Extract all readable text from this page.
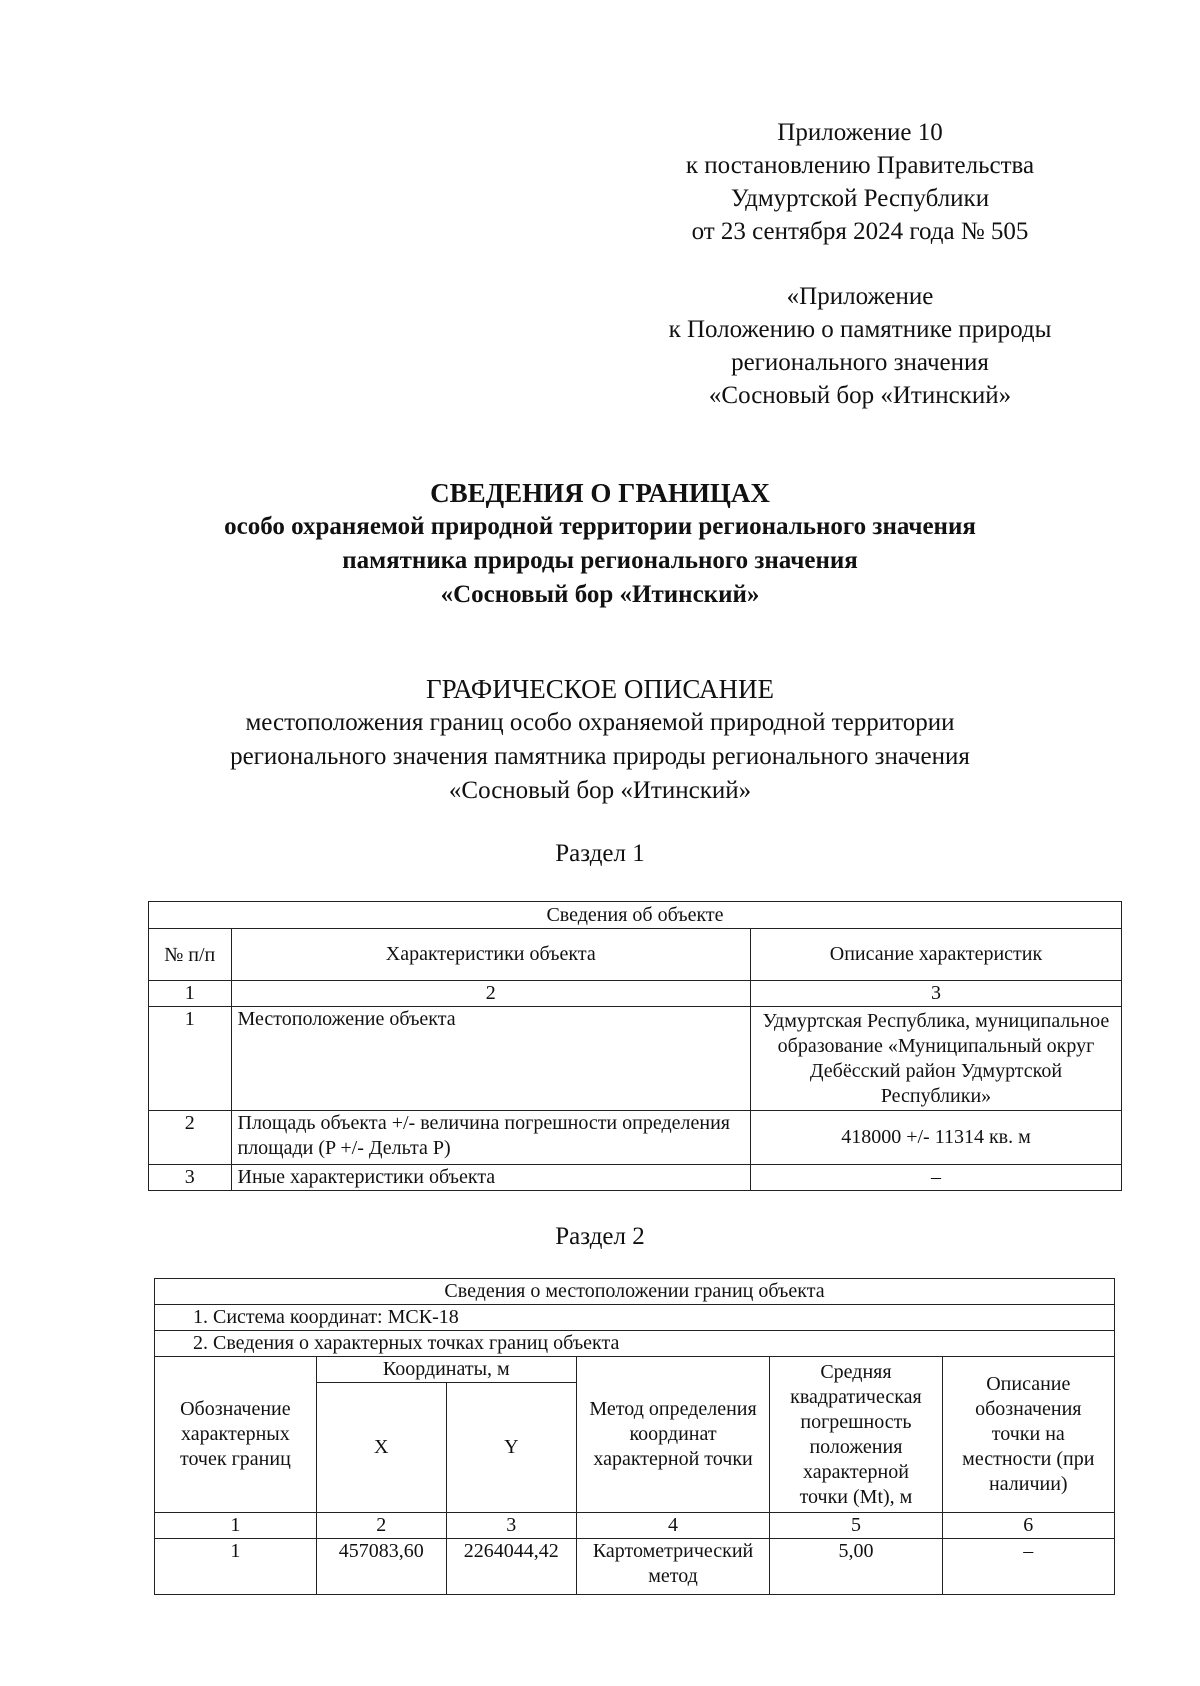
Приложение 10
к постановлению Правительства
Удмуртской Республики
от 23 сентября 2024 года № 505
«Приложение
к Положению о памятнике природы
регионального значения
«Сосновый бор «Итинский»
СВЕДЕНИЯ О ГРАНИЦАХ
особо охраняемой природной территории регионального значения
памятника природы регионального значения
«Сосновый бор «Итинский»
ГРАФИЧЕСКОЕ ОПИСАНИЕ
местоположения границ особо охраняемой природной территории
регионального значения памятника природы регионального значения
«Сосновый бор «Итинский»
Раздел 1
Сведения об объекте		
№ п/п	Характеристики объекта	Описание характеристик
1	2	3
1	Местоположение объекта	Удмуртская Республика, муниципальное образование «Муниципальный округ Дебёсский район Удмуртской Республики»
2	Площадь объекта +/- величина погрешности определения площади (P +/- Дельта P)	418000 +/- 11314 кв. м
3	Иные характеристики объекта	–
Раздел 2
Сведения о местоположении границ объекта					
1. Система координат: МСК-18					
2. Сведения о характерных точках границ объекта					
Обозначение характерных точек границ	Координаты, м		Метод определения координат характерной точки	Средняя квадратическая погрешность положения характерной точки (Mt), м	Описание обозначения точки на местности (при наличии)
	X	Y			
1	2	3	4	5	6
1	457083,60	2264044,42	Картометрический метод	5,00	–
